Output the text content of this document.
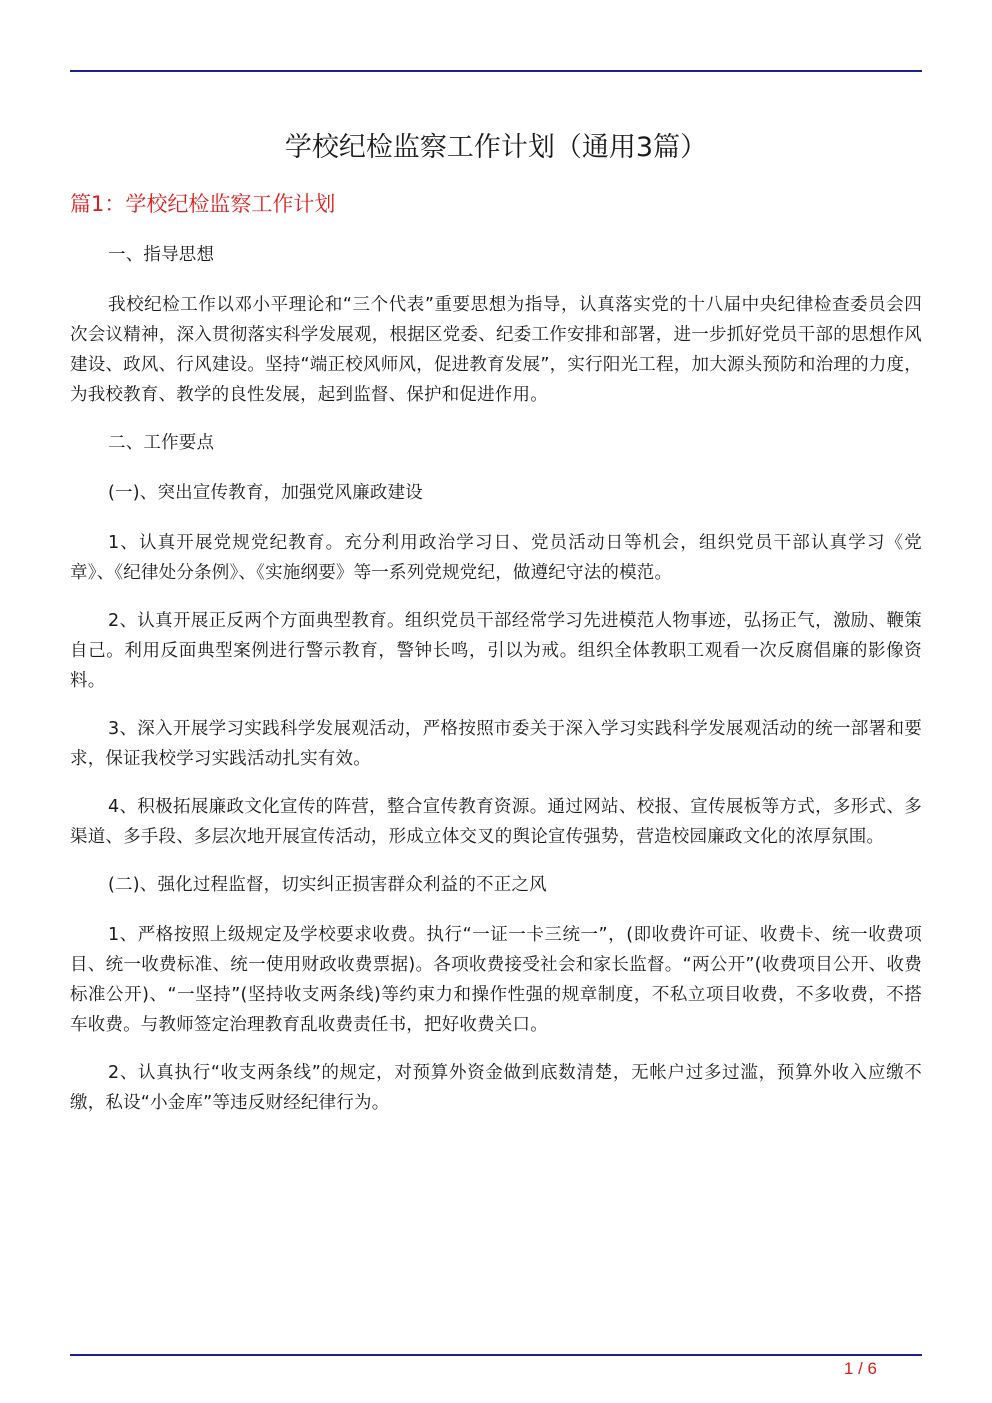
学校纪检监察工作计划（通用3篇）
篇1：学校纪检监察工作计划

一、指导思想

我校纪检工作以邓小平理论和“三个代表”重要思想为指导，认真落实党的十八届中央纪律检查委员会四次会议精神，深入贯彻落实科学发展观，根据区党委、纪委工作安排和部署，进一步抓好党员干部的思想作风建设、政风、行风建设。坚持“端正校风师风，促进教育发展”，实行阳光工程，加大源头预防和治理的力度，为我校教育、教学的良性发展，起到监督、保护和促进作用。

二、工作要点

(一)、突出宣传教育，加强党风廉政建设

1、认真开展党规党纪教育。充分利用政治学习日、党员活动日等机会，组织党员干部认真学习《党章》、《纪律处分条例》、《实施纲要》等一系列党规党纪，做遵纪守法的模范。

2、认真开展正反两个方面典型教育。组织党员干部经常学习先进模范人物事迹，弘扬正气，激励、鞭策自己。利用反面典型案例进行警示教育，警钟长鸣，引以为戒。组织全体教职工观看一次反腐倡廉的影像资料。

3、深入开展学习实践科学发展观活动，严格按照市委关于深入学习实践科学发展观活动的统一部署和要求，保证我校学习实践活动扎实有效。

4、积极拓展廉政文化宣传的阵营，整合宣传教育资源。通过网站、校报、宣传展板等方式，多形式、多渠道、多手段、多层次地开展宣传活动，形成立体交叉的舆论宣传强势，营造校园廉政文化的浓厚氛围。

(二)、强化过程监督，切实纠正损害群众利益的不正之风

1、严格按照上级规定及学校要求收费。执行“一证一卡三统一”，(即收费许可证、收费卡、统一收费项目、统一收费标准、统一使用财政收费票据)。各项收费接受社会和家长监督。“两公开”(收费项目公开、收费标准公开)、“一坚持”(坚持收支两条线)等约束力和操作性强的规章制度，不私立项目收费，不多收费，不搭车收费。与教师签定治理教育乱收费责任书，把好收费关口。

2、认真执行“收支两条线”的规定，对预算外资金做到底数清楚，无帐户过多过滥，预算外收入应缴不缴，私设“小金库”等违反财经纪律行为。

1 / 6
